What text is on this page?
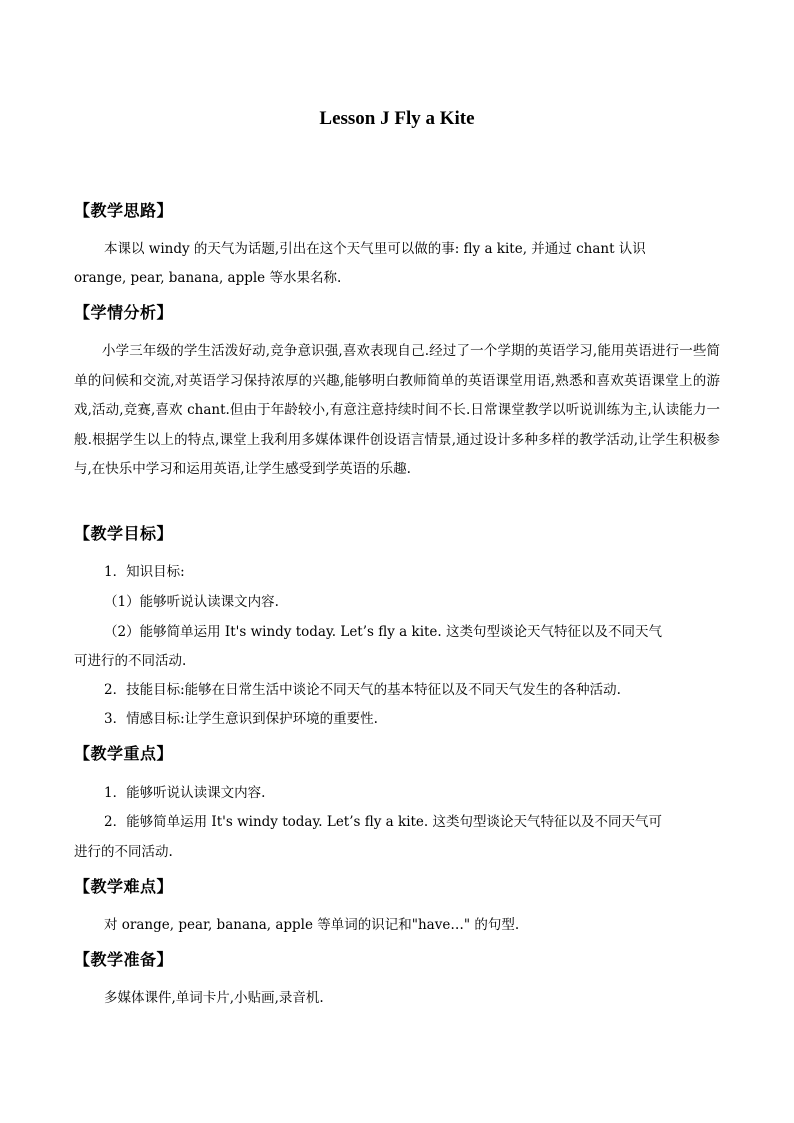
Lesson J Fly a Kite
【教学思路】
本课以 windy 的天气为话题,引出在这个天气里可以做的事: fly a kite, 并通过 chant 认识
orange, pear, banana, apple 等水果名称.
【学情分析】

小学三年级的学生活泼好动,竞争意识强,喜欢表现自己.经过了一个学期的英语学习,能用英语进行一些简单的问候和交流,对英语学习保持浓厚的兴趣,能够明白教师简单的英语课堂用语,熟悉和喜欢英语课堂上的游戏,活动,竞赛,喜欢 chant.但由于年龄较小,有意注意持续时间不长.日常课堂教学以听说训练为主,认读能力一般.根据学生以上的特点,课堂上我利用多媒体课件创设语言情景,通过设计多种多样的教学活动,让学生积极参与,在快乐中学习和运用英语,让学生感受到学英语的乐趣.

【教学目标】
1．知识目标:
（1）能够听说认读课文内容.
（2）能够简单运用 It's windy today. Let’s fly a kite. 这类句型谈论天气特征以及不同天气
可进行的不同活动.
2．技能目标:能够在日常生活中谈论不同天气的基本特征以及不同天气发生的各种活动.
3．情感目标:让学生意识到保护环境的重要性.
【教学重点】
1．能够听说认读课文内容.
2．能够简单运用 It's windy today. Let’s fly a kite. 这类句型谈论天气特征以及不同天气可
进行的不同活动.
【教学难点】
对 orange, pear, banana, apple 等单词的识记和"have…" 的句型.
【教学准备】
多媒体课件,单词卡片,小贴画,录音机.
